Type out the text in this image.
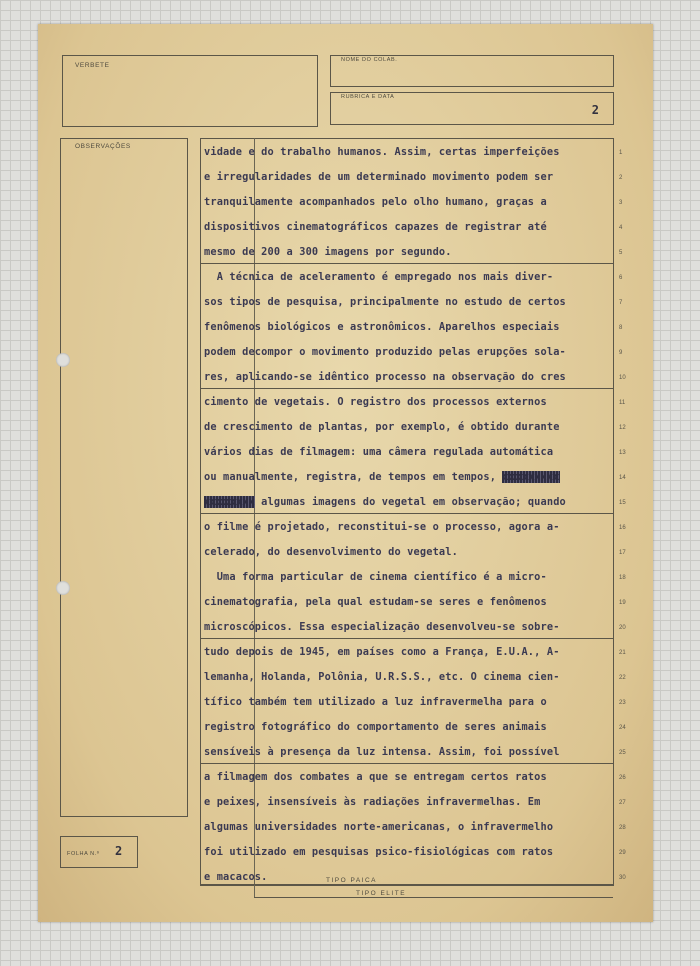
VERBETE
NOME DO COLAB.
RUBRICA E DATA
2
OBSERVAÇÕES
FOLHA N.º 2
vidade e do trabalho humanos. Assim, certas imperfeições	1
e irregularidades de um determinado movimento podem ser	2
tranquilamente acompanhados pelo olho humano, graças a	3
dispositivos cinematográficos capazes de registrar até	4
mesmo de 200 a 300 imagens por segundo.	5
A técnica de aceleramento é empregado nos mais diver-	6
sos tipos de pesquisa, principalmente no estudo de certos	7
fenômenos biológicos e astronômicos. Aparelhos especiais	8
podem decompor o movimento produzido pelas erupções sola-	9
res, aplicando-se idêntico processo na observação do cres	10
cimento de vegetais. O registro dos processos externos	11
de crescimento de plantas, por exemplo, é obtido durante	12
vários dias de filmagem: uma câmera regulada automática	13
ou manualmente, registra, de tempos em tempos, xxxxxxxxx	14
xxxxxxxx algumas imagens do vegetal em observação; quando	15
o filme é projetado, reconstitui-se o processo, agora a-	16
celerado, do desenvolvimento do vegetal.	17
Uma forma particular de cinema científico é a micro-	18
cinematografia, pela qual estudam-se seres e fenômenos	19
microscópicos. Essa especialização desenvolveu-se sobre-	20
tudo depois de 1945, em países como a França, E.U.A., A-	21
lemanha, Holanda, Polônia, U.R.S.S., etc. O cinema cien-	22
tífico também tem utilizado a luz infravermelha para o	23
registro fotográfico do comportamento de seres animais	24
sensíveis à presença da luz intensa. Assim, foi possível	25
a filmagem dos combates a que se entregam certos ratos	26
e peixes, insensíveis às radiações infravermelhas. Em	27
algumas universidades norte-americanas, o infravermelho	28
foi utilizado em pesquisas psico-fisiológicas com ratos	29
e macacos.	30
TIPO PAICA
TIPO ELITE
